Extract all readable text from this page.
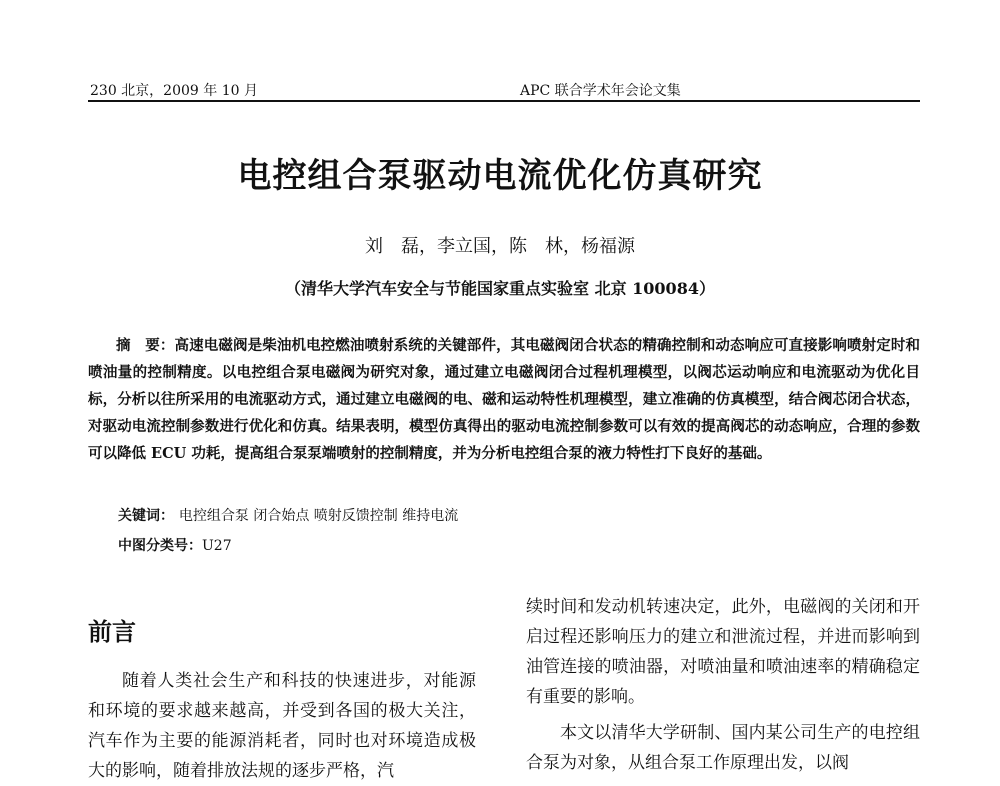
230 北京，2009 年 10 月	APC 联合学术年会论文集
电控组合泵驱动电流优化仿真研究
刘　磊，李立国，陈　林，杨福源
（清华大学汽车安全与节能国家重点实验室 北京 100084）
摘　要：高速电磁阀是柴油机电控燃油喷射系统的关键部件，其电磁阀闭合状态的精确控制和动态响应可直接影响喷射定时和喷油量的控制精度。以电控组合泵电磁阀为研究对象，通过建立电磁阀闭合过程机理模型，以阀芯运动响应和电流驱动为优化目标，分析以往所采用的电流驱动方式，通过建立电磁阀的电、磁和运动特性机理模型，建立准确的仿真模型，结合阀芯闭合状态，对驱动电流控制参数进行优化和仿真。结果表明，模型仿真得出的驱动电流控制参数可以有效的提高阀芯的动态响应，合理的参数可以降低 ECU 功耗，提高组合泵泵端喷射的控制精度，并为分析电控组合泵的液力特性打下良好的基础。
关键词： 电控组合泵 闭合始点 喷射反馈控制 维持电流
中图分类号：U27
前言

随着人类社会生产和科技的快速进步，对能源和环境的要求越来越高，并受到各国的极大关注，汽车作为主要的能源消耗者，同时也对环境造成极大的影响，随着排放法规的逐步严格，汽

续时间和发动机转速决定，此外，电磁阀的关闭和开启过程还影响压力的建立和泄流过程，并进而影响到油管连接的喷油器，对喷油量和喷油速率的精确稳定有重要的影响。

本文以清华大学研制、国内某公司生产的电控组合泵为对象，从组合泵工作原理出发，以阀
